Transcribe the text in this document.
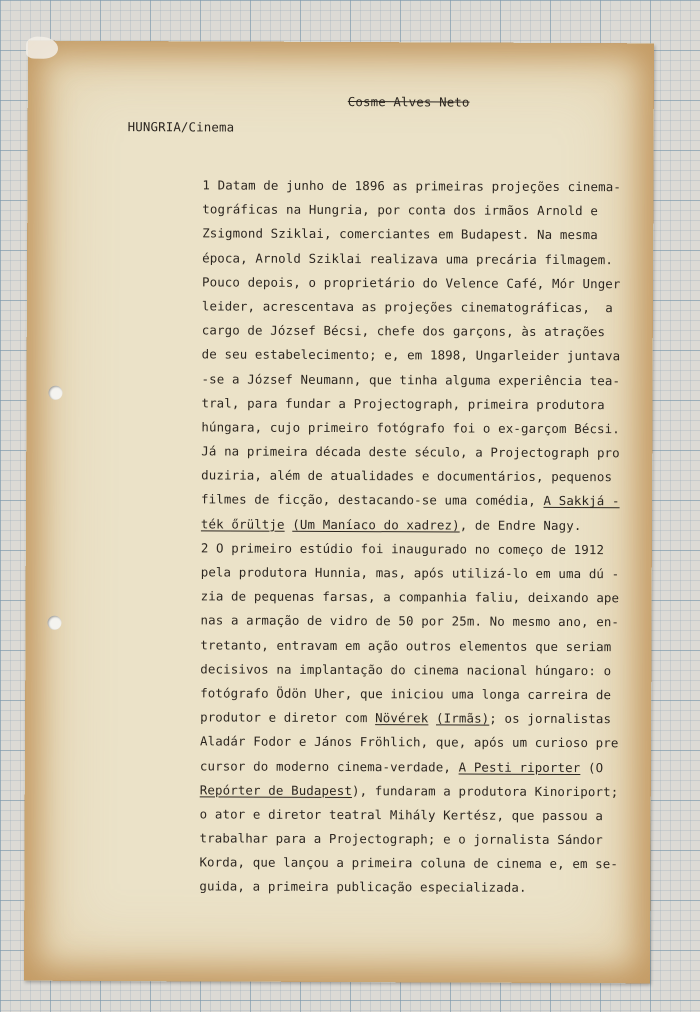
Cosme Alves Neto
HUNGRIA/Cinema
1 Datam de junho de 1896 as primeiras projeções cinema-
tográficas na Hungria, por conta dos irmãos Arnold e
Zsigmond Sziklai, comerciantes em Budapest. Na mesma
época, Arnold Sziklai realizava uma precária filmagem.
Pouco depois, o proprietário do Velence Café, Mór Unger
leider, acrescentava as projeções cinematográficas,  a
cargo de József Bécsi, chefe dos garçons, às atrações
de seu estabelecimento; e, em 1898, Ungarleider juntava
-se a József Neumann, que tinha alguma experiência tea-
tral, para fundar a Projectograph, primeira produtora
húngara, cujo primeiro fotógrafo foi o ex-garçom Bécsi.
Já na primeira década deste século, a Projectograph pro
duziria, além de atualidades e documentários, pequenos
filmes de ficção, destacando-se uma comédia, A Sakkjá -
ték őrültje (Um Maníaco do xadrez), de Endre Nagy.
2 O primeiro estúdio foi inaugurado no começo de 1912
pela produtora Hunnia, mas, após utilizá-lo em uma dú -
zia de pequenas farsas, a companhia faliu, deixando ape
nas a armação de vidro de 50 por 25m. No mesmo ano, en-
tretanto, entravam em ação outros elementos que seriam
decisivos na implantação do cinema nacional húngaro: o
fotógrafo Ödön Uher, que iniciou uma longa carreira de
produtor e diretor com Növérek (Irmãs); os jornalistas
Aladár Fodor e János Fröhlich, que, após um curioso pre
cursor do moderno cinema-verdade, A Pesti riporter (O
Repórter de Budapest), fundaram a produtora Kinoriport;
o ator e diretor teatral Mihály Kertész, que passou a
trabalhar para a Projectograph; e o jornalista Sándor
Korda, que lançou a primeira coluna de cinema e, em se-
guida, a primeira publicação especializada.
